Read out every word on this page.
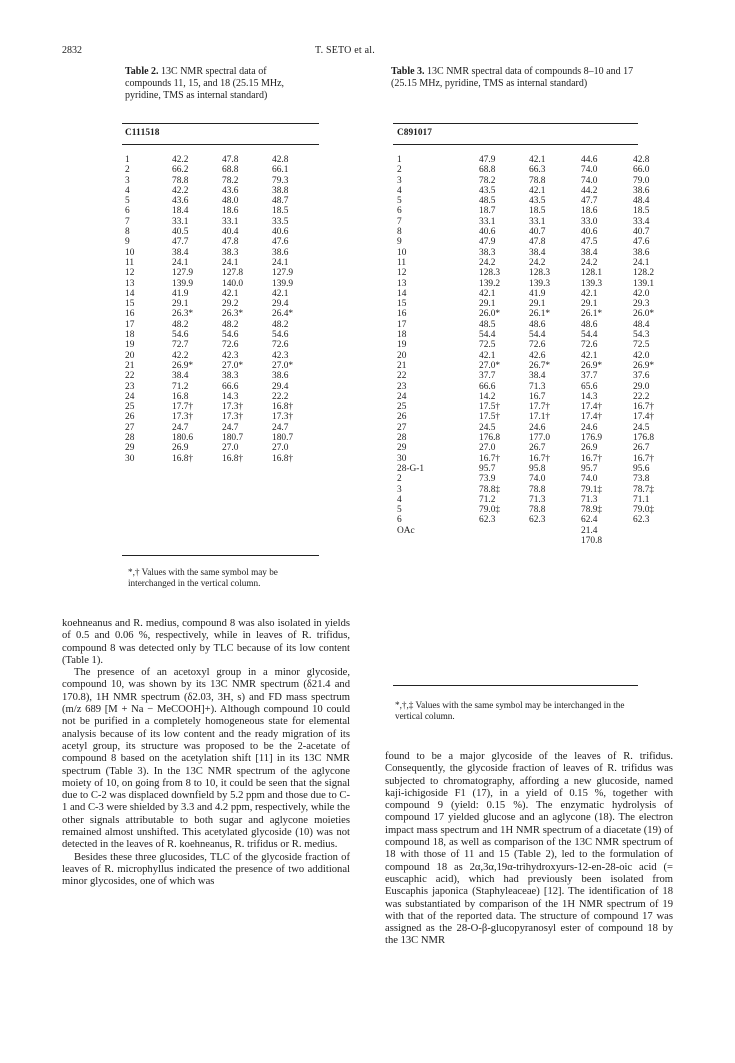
2832	T. SETO et al.
Table 2. 13C NMR spectral data of compounds 11, 15, and 18 (25.15 MHz, pyridine, TMS as internal standard)
Table 3. 13C NMR spectral data of compounds 8–10 and 17 (25.15 MHz, pyridine, TMS as internal standard)
C	11	15	18
1	42.2	47.8	42.8
2	66.2	68.8	66.1
3	78.8	78.2	79.3
4	42.2	43.6	38.8
5	43.6	48.0	48.7
6	18.4	18.6	18.5
7	33.1	33.1	33.5
8	40.5	40.4	40.6
9	47.7	47.8	47.6
10	38.4	38.3	38.6
11	24.1	24.1	24.1
12	127.9	127.8	127.9
13	139.9	140.0	139.9
14	41.9	42.1	42.1
15	29.1	29.2	29.4
16	26.3*	26.3*	26.4*
17	48.2	48.2	48.2
18	54.6	54.6	54.6
19	72.7	72.6	72.6
20	42.2	42.3	42.3
21	26.9*	27.0*	27.0*
22	38.4	38.3	38.6
23	71.2	66.6	29.4
24	16.8	14.3	22.2
25	17.7†	17.3†	16.8†
26	17.3†	17.3†	17.3†
27	24.7	24.7	24.7
28	180.6	180.7	180.7
29	26.9	27.0	27.0
30	16.8†	16.8†	16.8†
C	8	9	10	17
1	47.9	42.1	44.6	42.8
2	68.8	66.3	74.0	66.0
3	78.2	78.8	74.0	79.0
4	43.5	42.1	44.2	38.6
5	48.5	43.5	47.7	48.4
6	18.7	18.5	18.6	18.5
7	33.1	33.1	33.0	33.4
8	40.6	40.7	40.6	40.7
9	47.9	47.8	47.5	47.6
10	38.3	38.4	38.4	38.6
11	24.2	24.2	24.2	24.1
12	128.3	128.3	128.1	128.2
13	139.2	139.3	139.3	139.1
14	42.1	41.9	42.1	42.0
15	29.1	29.1	29.1	29.3
16	26.0*	26.1*	26.1*	26.0*
17	48.5	48.6	48.6	48.4
18	54.4	54.4	54.4	54.3
19	72.5	72.6	72.6	72.5
20	42.1	42.6	42.1	42.0
21	27.0*	26.7*	26.9*	26.9*
22	37.7	38.4	37.7	37.6
23	66.6	71.3	65.6	29.0
24	14.2	16.7	14.3	22.2
25	17.5†	17.7†	17.4†	16.7†
26	17.5†	17.1†	17.4†	17.4†
27	24.5	24.6	24.6	24.5
28	176.8	177.0	176.9	176.8
29	27.0	26.7	26.9	26.7
30	16.7†	16.7†	16.7†	16.7†
28-G-1	95.7	95.8	95.7	95.6
2	73.9	74.0	74.0	73.8
3	78.8‡	78.8	79.1‡	78.7‡
4	71.2	71.3	71.3	71.1
5	79.0‡	78.8	78.9‡	79.0‡
6	62.3	62.3	62.4	62.3
OAc			21.4	
			170.8	
*,† Values with the same symbol may be interchanged in the vertical column.
*,†,‡ Values with the same symbol may be interchanged in the vertical column.

koehneanus and R. medius, compound 8 was also isolated in yields of 0.5 and 0.06 %, respectively, while in leaves of R. trifidus, compound 8 was detected only by TLC because of its low content (Table 1).

The presence of an acetoxyl group in a minor glycoside, compound 10, was shown by its 13C NMR spectrum (δ21.4 and 170.8), 1H NMR spectrum (δ2.03, 3H, s) and FD mass spectrum (m/z 689 [M + Na − MeCOOH]+). Although compound 10 could not be purified in a completely homogeneous state for elemental analysis because of its low content and the ready migration of its acetyl group, its structure was proposed to be the 2-acetate of compound 8 based on the acetylation shift [11] in its 13C NMR spectrum (Table 3). In the 13C NMR spectrum of the aglycone moiety of 10, on going from 8 to 10, it could be seen that the signal due to C-2 was displaced downfield by 5.2 ppm and those due to C-1 and C-3 were shielded by 3.3 and 4.2 ppm, respectively, while the other signals attributable to both sugar and aglycone moieties remained almost unshifted. This acetylated glycoside (10) was not detected in the leaves of R. koehneanus, R. trifidus or R. medius.

Besides these three glucosides, TLC of the glycoside fraction of leaves of R. microphyllus indicated the presence of two additional minor glycosides, one of which was

found to be a major glycoside of the leaves of R. trifidus. Consequently, the glycoside fraction of leaves of R. trifidus was subjected to chromatography, affording a new glucoside, named kaji-ichigoside F1 (17), in a yield of 0.15 %, together with compound 9 (yield: 0.15 %). The enzymatic hydrolysis of compound 17 yielded glucose and an aglycone (18). The electron impact mass spectrum and 1H NMR spectrum of a diacetate (19) of compound 18, as well as comparison of the 13C NMR spectrum of 18 with those of 11 and 15 (Table 2), led to the formulation of compound 18 as 2α,3α,19α-trihydroxyurs-12-en-28-oic acid (= euscaphic acid), which had previously been isolated from Euscaphis japonica (Staphyleaceae) [12]. The identification of 18 was substantiated by comparison of the 1H NMR spectrum of 19 with that of the reported data. The structure of compound 17 was assigned as the 28-O-β-glucopyranosyl ester of compound 18 by the 13C NMR
